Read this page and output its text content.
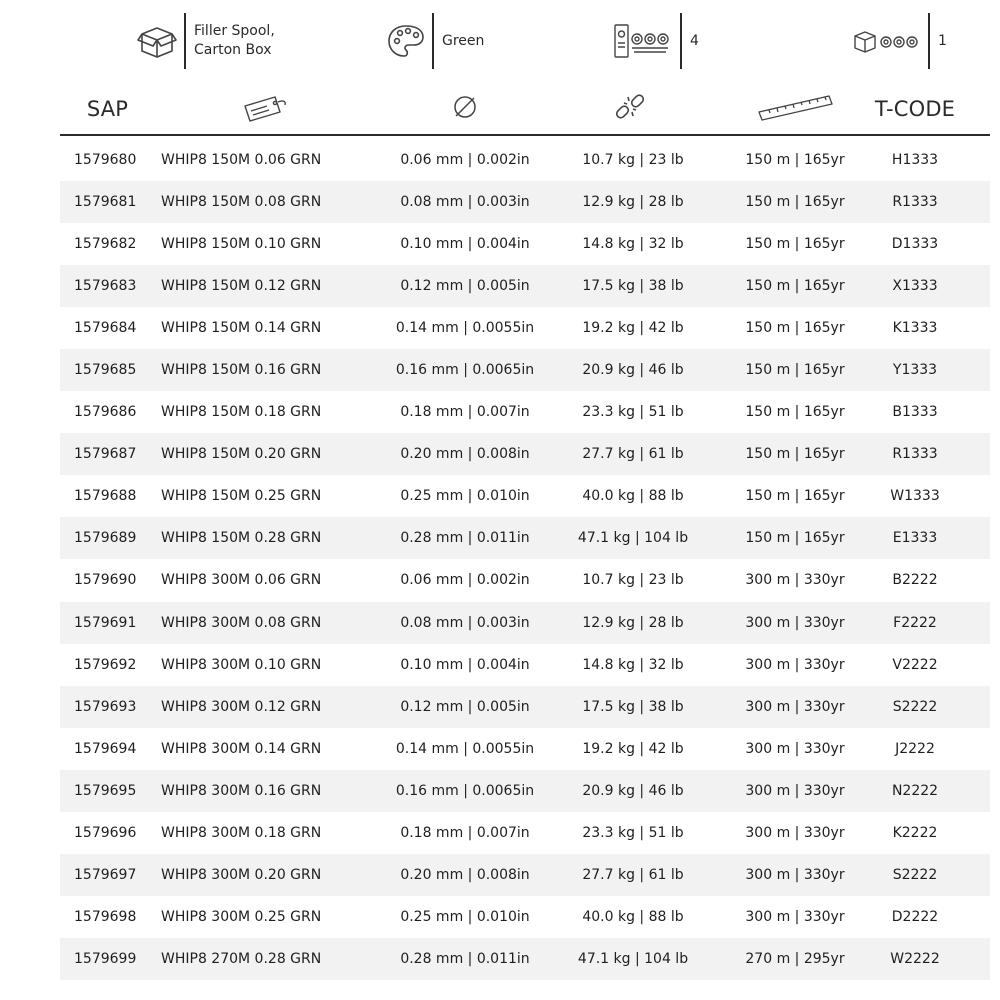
Filler Spool,
Carton Box
Green	4	1
SAP	T-CODE
1579680 WHIP8 150M 0.06 GRN	0.06 mm | 0.002in	10.7 kg | 23 lb	150 m | 165yr	H1333
1579681 WHIP8 150M 0.08 GRN	0.08 mm | 0.003in	12.9 kg | 28 lb	150 m | 165yr	R1333
1579682 WHIP8 150M 0.10 GRN	0.10 mm | 0.004in	14.8 kg | 32 lb	150 m | 165yr	D1333
1579683 WHIP8 150M 0.12 GRN	0.12 mm | 0.005in	17.5 kg | 38 lb	150 m | 165yr	X1333
1579684 WHIP8 150M 0.14 GRN	0.14 mm | 0.0055in	19.2 kg | 42 lb	150 m | 165yr	K1333
1579685 WHIP8 150M 0.16 GRN	0.16 mm | 0.0065in	20.9 kg | 46 lb	150 m | 165yr	Y1333
1579686 WHIP8 150M 0.18 GRN	0.18 mm | 0.007in	23.3 kg | 51 lb	150 m | 165yr	B1333
1579687 WHIP8 150M 0.20 GRN	0.20 mm | 0.008in	27.7 kg | 61 lb	150 m | 165yr	R1333
1579688 WHIP8 150M 0.25 GRN	0.25 mm | 0.010in	40.0 kg | 88 lb	150 m | 165yr	W1333
1579689 WHIP8 150M 0.28 GRN	0.28 mm | 0.011in	47.1 kg | 104 lb	150 m | 165yr	E1333
1579690 WHIP8 300M 0.06 GRN	0.06 mm | 0.002in	10.7 kg | 23 lb	300 m | 330yr	B2222
1579691 WHIP8 300M 0.08 GRN	0.08 mm | 0.003in	12.9 kg | 28 lb	300 m | 330yr	F2222
1579692 WHIP8 300M 0.10 GRN	0.10 mm | 0.004in	14.8 kg | 32 lb	300 m | 330yr	V2222
1579693 WHIP8 300M 0.12 GRN	0.12 mm | 0.005in	17.5 kg | 38 lb	300 m | 330yr	S2222
1579694 WHIP8 300M 0.14 GRN	0.14 mm | 0.0055in	19.2 kg | 42 lb	300 m | 330yr	J2222
1579695 WHIP8 300M 0.16 GRN	0.16 mm | 0.0065in	20.9 kg | 46 lb	300 m | 330yr	N2222
1579696 WHIP8 300M 0.18 GRN	0.18 mm | 0.007in	23.3 kg | 51 lb	300 m | 330yr	K2222
1579697 WHIP8 300M 0.20 GRN	0.20 mm | 0.008in	27.7 kg | 61 lb	300 m | 330yr	S2222
1579698 WHIP8 300M 0.25 GRN	0.25 mm | 0.010in	40.0 kg | 88 lb	300 m | 330yr	D2222
1579699 WHIP8 270M 0.28 GRN	0.28 mm | 0.011in	47.1 kg | 104 lb	270 m | 295yr	W2222
